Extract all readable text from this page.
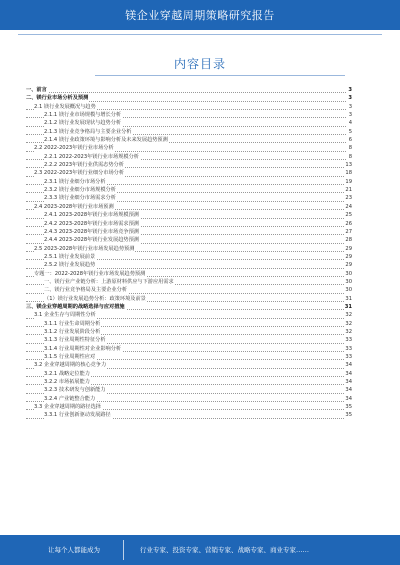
镁企业穿越周期策略研究报告
内容目录
一、前言	3
二、镁行业市场分析及预测	3
2.1 镁行业发展概况与趋势	3
2.1.1 镁行业市场规模与增长分析	3
2.1.2 镁行业发展现状与趋势分析	4
2.1.3 镁行业竞争格局与主要企业分析	5
2.1.4 镁行业政策环境与影响分析及未来发展趋势预测	6
2.2 2022-2023年镁行业市场分析	8
2.2.1 2022-2023年镁行业市场规模分析	8
2.2.2 2023年镁行业供需态势分析	13
2.3 2022-2023年镁行业细分市场分析	18
2.3.1 镁行业细分市场分析	19
2.3.2 镁行业细分市场规模分析	21
2.3.3 镁行业细分市场需求分析	23
2.4 2023-2028年镁行业市场预测	24
2.4.1 2023-2028年镁行业市场规模预测	25
2.4.2 2023-2028年镁行业市场需求预测	26
2.4.3 2023-2028年镁行业市场竞争预测	27
2.4.4 2023-2028年镁行业发展趋势预测	28
2.5 2023-2028年镁行业市场发展趋势预测	29
2.5.1 镁行业发展前景	29
2.5.2 镁行业发展趋势	29
专题一：2022-2028年镁行业市场发展趋势预测	30
一、镁行业产业链分析：上游原材料供应与下游应用需求	30
二、镁行业竞争格局及主要企业分析	30
（1）镁行业发展趋势分析：政策环境及前景	31
三、镁企业穿越周期的战略选择与应对措施	31
3.1 企业生存与周期性分析	32
3.1.1 行业生命周期分析	32
3.1.2 行业发展阶段分析	32
3.1.3 行业周期性特征分析	33
3.1.4 行业周期性对企业影响分析	33
3.1.5 行业周期性应对	33
3.2 企业穿越周期的核心竞争力	34
3.2.1 战略定位能力	34
3.2.2 市场拓展能力	34
3.2.3 技术研发与创新能力	34
3.2.4 产业链整合能力	34
3.3 企业穿越周期的路径选择	35
3.3.1 行业创新驱动发展路径	35
让每个人都能成为	行业专家、投资专家、营销专家、战略专家、商业专家……
